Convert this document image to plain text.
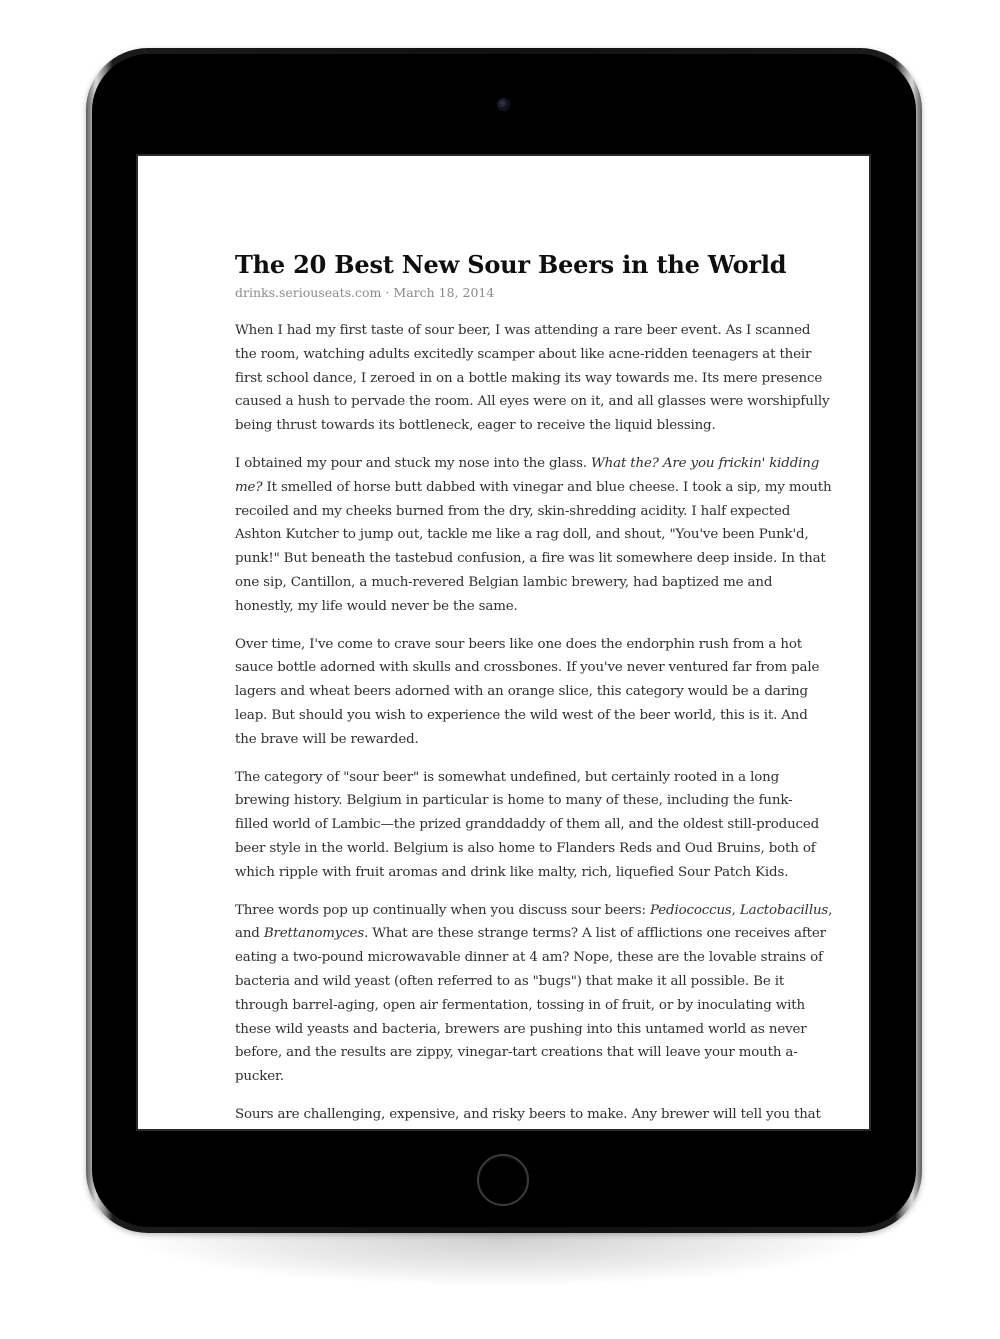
The 20 Best New Sour Beers in the World
drinks.seriouseats.com · March 18, 2014

When I had my first taste of sour beer, I was attending a rare beer event. As I scanned
the room, watching adults excitedly scamper about like acne-ridden teenagers at their
first school dance, I zeroed in on a bottle making its way towards me. Its mere presence
caused a hush to pervade the room. All eyes were on it, and all glasses were worshipfully
being thrust towards its bottleneck, eager to receive the liquid blessing.

I obtained my pour and stuck my nose into the glass. What the? Are you frickin' kidding
me? It smelled of horse butt dabbed with vinegar and blue cheese. I took a sip, my mouth
recoiled and my cheeks burned from the dry, skin-shredding acidity. I half expected
Ashton Kutcher to jump out, tackle me like a rag doll, and shout, "You've been Punk'd,
punk!" But beneath the tastebud confusion, a fire was lit somewhere deep inside. In that
one sip, Cantillon, a much-revered Belgian lambic brewery, had baptized me and
honestly, my life would never be the same.

Over time, I've come to crave sour beers like one does the endorphin rush from a hot
sauce bottle adorned with skulls and crossbones. If you've never ventured far from pale
lagers and wheat beers adorned with an orange slice, this category would be a daring
leap. But should you wish to experience the wild west of the beer world, this is it. And
the brave will be rewarded.

The category of "sour beer" is somewhat undefined, but certainly rooted in a long
brewing history. Belgium in particular is home to many of these, including the funk-
filled world of Lambic—the prized granddaddy of them all, and the oldest still-produced
beer style in the world. Belgium is also home to Flanders Reds and Oud Bruins, both of
which ripple with fruit aromas and drink like malty, rich, liquefied Sour Patch Kids.

Three words pop up continually when you discuss sour beers: Pediococcus, Lactobacillus,
and Brettanomyces. What are these strange terms? A list of afflictions one receives after
eating a two-pound microwavable dinner at 4 am? Nope, these are the lovable strains of
bacteria and wild yeast (often referred to as "bugs") that make it all possible. Be it
through barrel-aging, open air fermentation, tossing in of fruit, or by inoculating with
these wild yeasts and bacteria, brewers are pushing into this untamed world as never
before, and the results are zippy, vinegar-tart creations that will leave your mouth a-
pucker.

Sours are challenging, expensive, and risky beers to make. Any brewer will tell you that
